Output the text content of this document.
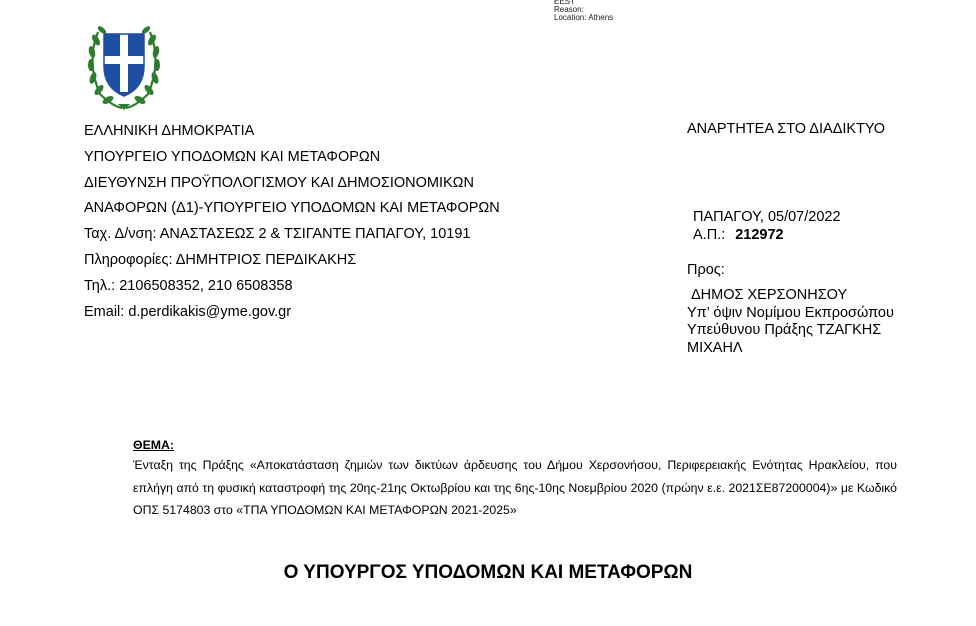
'	EEST
Reason:
Location: Athens
ΕΛΛΗΝΙΚΗ ΔΗΜΟΚΡΑΤΙΑ
ΥΠΟΥΡΓΕΙΟ ΥΠΟΔΟΜΩΝ ΚΑΙ ΜΕΤΑΦΟΡΩΝ
ΔΙΕΥΘΥΝΣΗ ΠΡΟΫΠΟΛΟΓΙΣΜΟΥ ΚΑΙ ΔΗΜΟΣΙΟΝΟΜΙΚΩΝ
ΑΝΑΦΟΡΩΝ (Δ1)-ΥΠΟΥΡΓΕΙΟ ΥΠΟΔΟΜΩΝ ΚΑΙ ΜΕΤΑΦΟΡΩΝ
Ταχ. Δ/νση: ΑΝΑΣΤΑΣΕΩΣ 2 & ΤΣΙΓΑΝΤΕ ΠΑΠΑΓΟΥ, 10191
Πληροφορίες: ΔΗΜΗΤΡΙΟΣ ΠΕΡΔΙΚΑΚΗΣ
Τηλ.: 2106508352, 210 6508358
Email: d.perdikakis@yme.gov.gr
ΑΝΑΡΤΗΤΕΑ ΣΤΟ ΔΙΑΔΙΚΤΥΟ
ΠΑΠΑΓΟΥ, 05/07/2022
Α.Π.: 212972
Προς:
ΔΗΜΟΣ ΧΕΡΣΟΝΗΣΟΥ
Υπ’ όψιν Νομίμου Εκπροσώπου
Υπεύθυνου Πράξης ΤΖΑΓΚΗΣ
ΜΙΧΑΗΛ
ΘΕΜΑ:
Ένταξη της Πράξης «Αποκατάσταση ζημιών των δικτύων άρδευσης του Δήμου Χερσονήσου, Περιφερειακής Ενότητας Ηρακλείου, που επλήγη από τη φυσική καταστροφή της 20ης-21ης Οκτωβρίου και της 6ης-10ης Νοεμβρίου 2020 (πρώην ε.ε. 2021ΣΕ87200004)» με Κωδικό ΟΠΣ 5174803 στο «ΤΠΑ ΥΠΟΔΟΜΩΝ ΚΑΙ ΜΕΤΑΦΟΡΩΝ 2021-2025»
Ο ΥΠΟΥΡΓΟΣ ΥΠΟΔΟΜΩΝ ΚΑΙ ΜΕΤΑΦΟΡΩΝ
